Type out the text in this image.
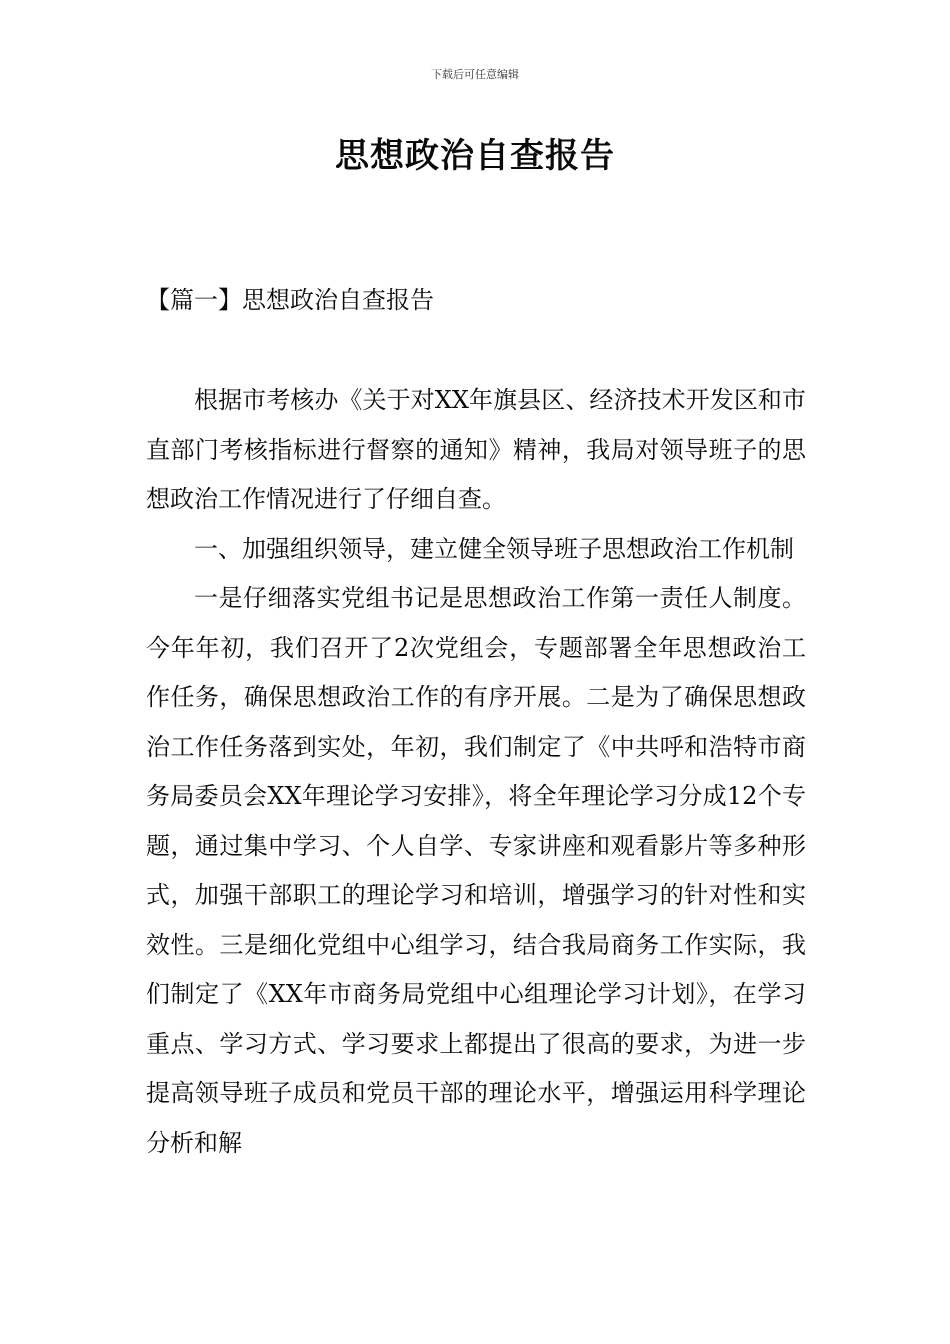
下载后可任意编辑
思想政治自查报告
【篇一】思想政治自查报告

根据市考核办《关于对XX年旗县区、经济技术开发区和市直部门考核指标进行督察的通知》精神，我局对领导班子的思想政治工作情况进行了仔细自查。

一、加强组织领导，建立健全领导班子思想政治工作机制

一是仔细落实党组书记是思想政治工作第一责任人制度。今年年初，我们召开了2次党组会，专题部署全年思想政治工作任务，确保思想政治工作的有序开展。二是为了确保思想政治工作任务落到实处，年初，我们制定了《中共呼和浩特市商务局委员会XX年理论学习安排》，将全年理论学习分成12个专题，通过集中学习、个人自学、专家讲座和观看影片等多种形式，加强干部职工的理论学习和培训，增强学习的针对性和实效性。三是细化党组中心组学习，结合我局商务工作实际，我们制定了《XX年市商务局党组中心组理论学习计划》，在学习重点、学习方式、学习要求上都提出了很高的要求，为进一步提高领导班子成员和党员干部的理论水平，增强运用科学理论分析和解
